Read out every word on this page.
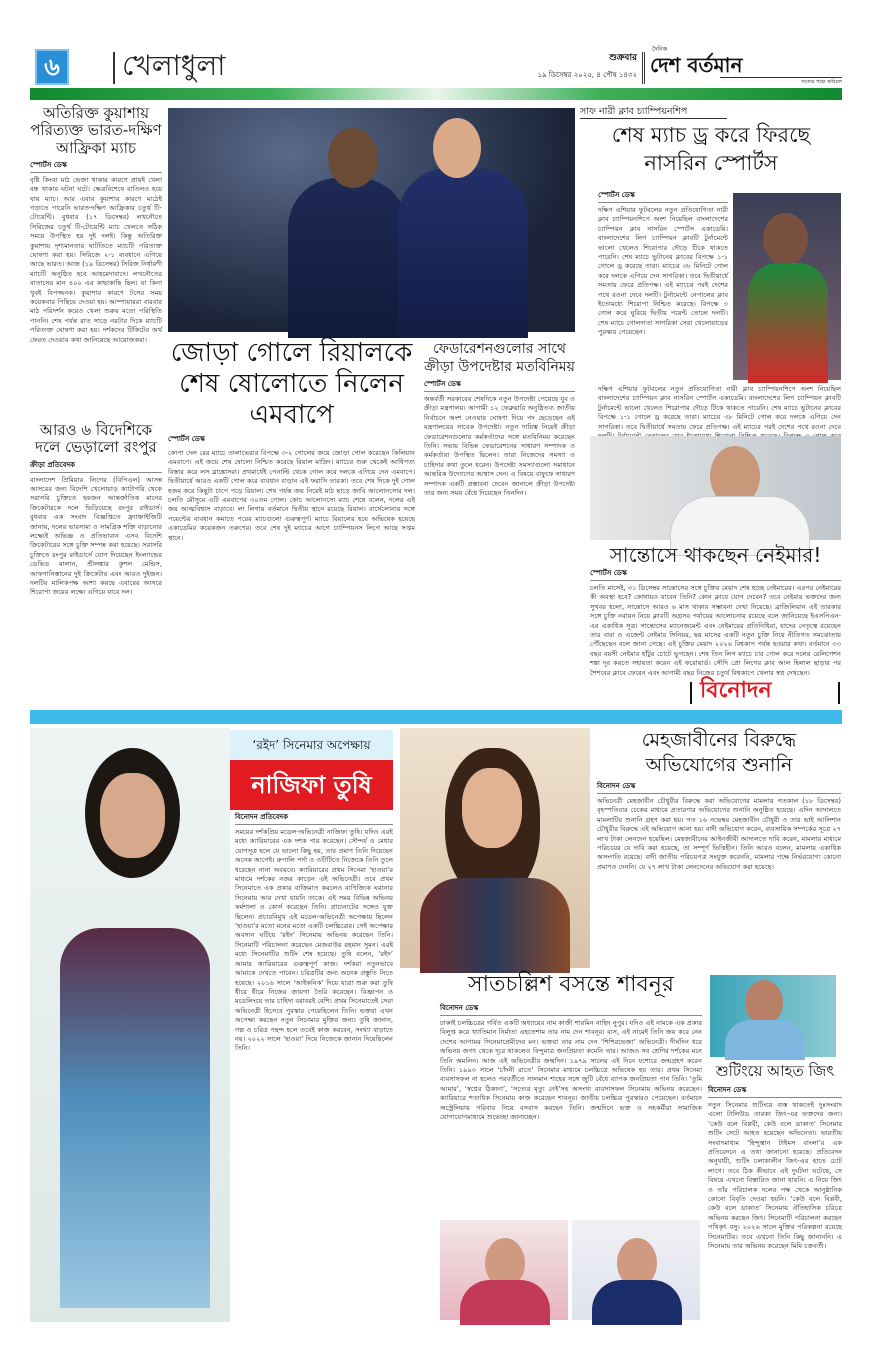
৬	খেলাধুলা	শুক্রবার
১৯ ডিসেম্বর ২০২৫, ৪ পৌষ ১৪৩২
দৈনিক
দেশ বর্তমান
সত্যের পক্ষে অবিচল
অতিরিক্ত কুয়াশায় পরিত্যক্ত ভারত-দক্ষিণ আফ্রিকা ম্যাচ
স্পোর্টস ডেস্ক
বৃষ্টি কিংবা মাঠ ভেজা থাকার কারণে প্রায়ই খেলা বন্ধ থাকার ঘটনা ঘটে। ক্ষেত্রবিশেষে বাতিলও হয়ে যায় ম্যাচ। আর এবার কুয়াশার কারণে মাঠেই গড়াতে পারেনি ভারত-দক্ষিণ আফ্রিকার চতুর্থ টি-টোয়েন্টি। বুধবার (১৭ ডিসেম্বর) লখনৌতে সিরিজের চতুর্থ টি-টোয়েন্টি ম্যাচ খেলতে সঠিক সময়ে উপস্থিত হয় দুই দলই। কিন্তু অতিরিক্ত কুয়াশায় দৃশ্যমানতার ঘাটতিতে ম্যাচটি পরিত্যক্ত ঘোষণা করা হয়। সিরিজে ২-১ ব্যবধানে এগিয়ে আছে ভারত। আজ (১৯ ডিসেম্বর) সিরিজ নির্ধারণী ম্যাচটি অনুষ্ঠিত হবে আহমেদাবাদে। লখনৌতের বাতাসের মান ৪০০ এর কাছাকাছি ছিল। যা কিনা খুবই বিপজ্জনক। কুয়াশার কারণে টসের সময় কয়েকবার পিছিয়ে দেওয়া হয়। আম্পায়াররা বারবার মাঠ পরিদর্শন করেও খেলা শুরুর মতো পরিস্থিতি পাননি। শেষ পর্যন্ত রাত সাড়ে নয়টার দিকে ম্যাচটি পরিত্যক্ত ঘোষণা করা হয়। দর্শকদের টিকিটের অর্থ ফেরত দেওয়ার কথা জানিয়েছে আয়োজকরা।
আরও ৬ বিদেশিকে দলে ভেড়ালো রংপুর
ক্রীড়া প্রতিবেদক
বাংলাদেশ প্রিমিয়ার লিগের (বিপিএল) আসন্ন আসরের জন্য বিদেশি খেলোয়াড় ক্যাটাগরি থেকে সরাসরি চুক্তিতে ছয়জন আন্তর্জাতিক মানের ক্রিকেটারকে দলে ভিড়িয়েছে রংপুর রাইডার্স। বুধবার এক সংবাদ বিজ্ঞপ্তিতে ফ্র্যাঞ্চাইজিটি জানায়, দলের ভারসাম্য ও সামগ্রিক শক্তি বাড়ানোর লক্ষ্যেই অভিজ্ঞ ও প্রতিভাবান এসব বিদেশি ক্রিকেটারের সঙ্গে চুক্তি সম্পন্ন করা হয়েছে। সরাসরি চুক্তিতে রংপুর রাইডার্সে যোগ দিয়েছেন ইংল্যান্ডের ডেভিড মালান, শ্রীলঙ্কার কুশল মেন্ডিস, আফগানিস্তানের দুই ক্রিকেটার এবং আরও দুইজন। দলটির মালিকপক্ষ আশা করছে এবারের আসরে শিরোপা জয়ের লক্ষ্যে এগিয়ে যাবে দল।
জোড়া গোলে রিয়ালকে শেষ ষোলোতে নিলেন এমবাপে
স্পোর্টস ডেস্ক
কোপা দেল রের ম্যাচে তালাভেরার বিপক্ষে ৩-২ গোলের জয়ে জোড়া গোল করেছেন কিলিয়ান এমবাপে। এই জয়ে শেষ ষোলো নিশ্চিত করেছে রিয়াল মাদ্রিদ। ম্যাচের শুরু থেকেই আধিপত্য বিস্তার করে লস ব্লাঙ্কোসরা। প্রথমার্ধেই পেনাল্টি থেকে গোল করে দলকে এগিয়ে দেন এমবাপে। দ্বিতীয়ার্ধে আরও একটি গোল করে ব্যবধান বাড়ান এই ফরাসি তারকা। তবে শেষ দিকে দুই গোল হজম করে কিছুটা চাপে পড়ে রিয়াল। শেষ পর্যন্ত জয় নিয়েই মাঠ ছাড়ে জাবি আলোনসোর দল। চলতি মৌসুমে এটি এমবাপের ৩০তম গোল। কোচ আলোনসো ম্যাচ শেষে বলেন, দলের এই জয় আত্মবিশ্বাস বাড়াবে। লা লিগায় বর্তমানে দ্বিতীয় স্থানে রয়েছে রিয়াল। বার্সেলোনার সঙ্গে পয়েন্টের ব্যবধান কমাতে পরের ম্যাচগুলো গুরুত্বপূর্ণ। ম্যাচে রিয়ালের হয়ে অভিষেক হয়েছে একাডেমির কয়েকজন তরুণের। তবে শেষ দুই ম্যাচের আগে চ্যাম্পিয়নস লিগে আছে সপ্তম স্থানে।
ফেডারেশনগুলোর সাথে ক্রীড়া উপদেষ্টার মতবিনিময়
স্পোর্টস ডেস্ক
অন্তর্বর্তী সরকারের শেষদিকে নতুন উপদেষ্টা পেয়েছে যুব ও ক্রীড়া মন্ত্রণালয়। আগামী ১২ ফেব্রুয়ারি অনুষ্ঠিতব্য জাতীয় নির্বাচনে অংশ নেওয়ার ঘোষণা দিয়ে পদ ছেড়েছেন এই মন্ত্রণালয়ের সাবেক উপদেষ্টা। নতুন দায়িত্ব নিয়েই ক্রীড়া ফেডারেশনগুলোর কর্মকর্তাদের সঙ্গে মতবিনিময় করেছেন তিনি। সভায় বিভিন্ন ফেডারেশনের সাধারণ সম্পাদক ও কর্মকর্তারা উপস্থিত ছিলেন। তারা নিজেদের সমস্যা ও চাহিদার কথা তুলে ধরেন। উপদেষ্টা সমস্যাগুলো সমাধানে আন্তরিক উদ্যোগের আশ্বাস দেন। এ বিষয়ে বাফুফে সাধারণ সম্পাদক একটি প্রস্তাবনা দেবেন জানালে ক্রীড়া উপদেষ্টা তার জন্য সময় বেঁধে দিয়েছেন তিনদিন।
সাফ নারী ক্লাব চ্যাম্পিয়নশিপ
শেষ ম্যাচ ড্র করে ফিরছে নাসরিন স্পোর্টস
স্পোর্টস ডেস্ক
দক্ষিণ এশিয়ার ফুটবলের নতুন প্রতিযোগিতা নারী ক্লাব চ্যাম্পিয়নশিপে অংশ নিয়েছিল বাংলাদেশের চ্যাম্পিয়ন ক্লাব নাসরিন স্পোর্টস একাডেমি। বাংলাদেশের লিগ চ্যাম্পিয়ন ক্লাবটি টুর্নামেন্টে ভালো খেলেও শিরোপার দৌড়ে টিকে থাকতে পারেনি। শেষ ম্যাচে ভুটানের ক্লাবের বিপক্ষে ১-১ গোলে ড্র করেছে তারা। ম্যাচের ৩৮ মিনিটে গোল করে দলকে এগিয়ে দেন সাগরিকা। তবে দ্বিতীয়ার্ধে সমতায় ফেরে প্রতিপক্ষ। এই ম্যাচের পরই দেশের পথে রওনা দেবে দলটি। টুর্নামেন্টে নেপালের ক্লাব ইতোমধ্যে শিরোপা নিশ্চিত করেছে। বিপক্ষে ৩ গোল করে ঘুরিয়ে দ্বিতীয় পয়েন্ট তোলে দলটি। শেষ ম্যাচে গোলদাতা সাগরিকা সেরা খেলোয়াড়ের পুরস্কার পেয়েছেন।
দক্ষিণ এশিয়ার ফুটবলের নতুন প্রতিযোগিতা নারী ক্লাব চ্যাম্পিয়নশিপে অংশ নিয়েছিল বাংলাদেশের চ্যাম্পিয়ন ক্লাব নাসরিন স্পোর্টস একাডেমি। বাংলাদেশের লিগ চ্যাম্পিয়ন ক্লাবটি টুর্নামেন্টে ভালো খেলেও শিরোপার দৌড়ে টিকে থাকতে পারেনি। শেষ ম্যাচে ভুটানের ক্লাবের বিপক্ষে ১-১ গোলে ড্র করেছে তারা। ম্যাচের ৩৮ মিনিটে গোল করে দলকে এগিয়ে দেন সাগরিকা। তবে দ্বিতীয়ার্ধে সমতায় ফেরে প্রতিপক্ষ। এই ম্যাচের পরই দেশের পথে রওনা দেবে
সান্তোসে থাকছেন নেইমার!
স্পোর্টস ডেস্ক
চলতি মাসেই, ৩১ ডিসেম্বর সান্তোসের সঙ্গে চুক্তির মেয়াদ শেষ হচ্ছে নেইমারের। এরপর নেইমারের কী অবস্থা হবে? কোথায়ও যাবেন তিনি? কোন ক্লাবে যোগ দেবেন? তবে নেইমার ভক্তদের জন্য সুখবর হলো, সান্তোসে আরও ৬ মাস থাকার সম্ভাবনা দেখা দিয়েছে। ব্রাজিলিয়ান এই তারকার সঙ্গে চুক্তি নবায়ন নিয়ে ক্লাবটি অগ্রসর পর্যায়ের আলোচনায় রয়েছে বলে জানিয়েছে ইএসপিএন-এর একাধিক সূত্র। সান্তোসের ম্যানেজমেন্ট এবং নেইমারের প্রতিনিধিরা, যাদের নেতৃত্বে রয়েছেন তার বাবা ও এজেন্ট নেইমার সিনিয়র, ছয় মাসের একটি নতুন চুক্তি নিয়ে নীতিগত সমঝোতায় পৌঁছেছেন বলে জানা গেছে। এই চুক্তির মেয়াদ ২০২৬ বিশ্বকাপ পর্যন্ত হওয়ার কথা। বর্তমানে ৩৩ বছর বয়সী নেইমার হাঁটুর চোটে ভুগছেন। শেষ তিন লিগ ম্যাচে চার গোল করে দলের রেলিগেশন শঙ্কা দূর করতে সহায়তা করেন এই ফরোয়ার্ড। সৌদি প্রো লিগের ক্লাব আল হিলাল ছাড়ার পর শৈশবের ক্লাবে ফেরেন এবং আগামী বছর নিজের চতুর্থ বিশ্বকাপে খেলার স্বপ্ন দেখছেন।
বিনোদন
‘রইদ’ সিনেমার অপেক্ষায়
নাজিফা তুষি
বিনোদন প্রতিবেদক
সময়ের দর্শকপ্রিয় মডেল-অভিনেত্রী নাজিফা তুষি। যদিও এরই মধ্যে ক্যারিয়ারের এক দশক পার করেছেন। সৌন্দর্য ও মেধার যোগসূত্র হলে যে ভালো কিছু হয়, তার প্রমাণ তিনি দিয়েছেন অনেক আগেই। রুপালি পর্দা ও ওটিটিতে নিজেকে তিনি তুলে ধরেছেন নানা অবয়বে। ক্যারিয়ারের প্রথম সিনেমা ‘হাওয়া’র মাধ্যমে দর্শকের নজর কাড়েন এই অভিনেত্রী। তবে প্রথম সিনেমাতে এক প্রকার বাজিমাত করলেও বাণিজ্যিক ঘরানার সিনেমায় আর দেখা যায়নি তাকে। এই সময় বিভিন্ন অভিনয় কর্মশালা ও কোর্স করেছেন তিনি। প্রাচ্যনাটের সঙ্গেও যুক্ত ছিলেন। প্রচারবিমুখ এই মডেল-অভিনেত্রী অপেক্ষায় ছিলেন ‘হাওয়া’র মতো মনের মতো একটি চলচ্চিত্রের। সেই অপেক্ষার অবসান ঘটিয়ে ‘রইদ’ সিনেমায় অভিনয় করেছেন তিনি। সিনেমাটি পরিচালনা করেছেন মেজবাউর রহমান সুমন। এরই মধ্যে সিনেমাটির শুটিং শেষ হয়েছে। তুষি বলেন, ‘রইদ’ আমার ক্যারিয়ারের গুরুত্বপূর্ণ কাজ। দর্শকরা নতুনভাবে আমাকে দেখতে পাবেন। চরিত্রটির জন্য অনেক প্রস্তুতি নিতে হয়েছে। ২০১৬ সালে ‘আইকনিক’ দিয়ে যাত্রা শুরু করা তুষি ধীরে ধীরে নিজের জায়গা তৈরি করেছেন। বিজ্ঞাপন ও মডেলিংয়ে তার চাহিদা বরাবরই বেশি। প্রথম সিনেমাতেই সেরা অভিনেত্রী হিসেবে পুরস্কার পেয়েছিলেন তিনি। ভক্তরা এখন অপেক্ষা করছেন নতুন সিনেমার মুক্তির জন্য। তুষি জানান, গল্প ও চরিত্র পছন্দ হলে তবেই কাজ করবেন, সংখ্যা বাড়াতে নয়। ২০২২ সালে ‘হাওয়া’ দিয়ে নিজেকে জানান দিয়েছিলেন তিনি।
মেহজাবীনের বিরুদ্ধে অভিযোগের শুনানি
বিনোদন ডেস্ক
অভিনেত্রী মেহজাবীন চৌধুরীর বিরুদ্ধে করা অভিযোগের মামলায় গতকাল (১৮ ডিসেম্বর) বৃহস্পতিবার চেকের মাধ্যমে প্রতারণার অভিযোগের শুনানি অনুষ্ঠিত হয়েছে। এদিন আদালতে মামলাটির শুনানি গ্রহণ করা হয়। গত ১৬ নভেম্বর মেহজাবীন চৌধুরী ও তার ভাই আলিশান চৌধুরীর বিরুদ্ধে এই অভিযোগ আনা হয়। বাদী অভিযোগ করেন, ব্যবসায়িক সম্পর্কের সূত্রে ২৭ লাখ টাকা লেনদেন হয়েছিল। মেহজাবীনের আইনজীবী আদালতে দাবি করেন, মামলার মাধ্যমে পরিচয়ের যে দাবি করা হয়েছে, তা সম্পূর্ণ ভিত্তিহীন। তিনি আরও বলেন, মামলায় একাধিক অসংগতি রয়েছে। বাদী জাতীয় পরিচয়পত্র সংযুক্ত করেননি, মামলার পক্ষে নির্ভরযোগ্য কোনো প্রমাণও দেননি। যে ২৭ লাখ টাকা লেনদেনের অভিযোগ করা হয়েছে।
সাতচল্লিশ বসন্তে শাবনূর
বিনোদন ডেস্ক
ঢাকাই চলচ্চিত্রের গর্বিত একটি অধ্যায়ের নাম কাজী শারমিন নাহিদ নুপুর। যদিও এই নামকে এক প্রকার বিলুপ্ত করে খ্যাতিমান নির্মাতা এহতেশাম তার নাম দেন শাবনূর। ব্যস, এই নামেই তিনি জয় করে নেন দেশের আপামর সিনেমাপ্রেমীদের মন। ভক্তরা তার নাম দেন ‘শিশিরভেজা’ অভিনেত্রী। দীর্ঘদিন ধরে অভিনয় জগৎ থেকে দূরে থাকলেও বিন্দুমাত্র জনপ্রিয়তা কমেনি তার। আজও সব শ্রেণির দর্শকের মনে তিনি অমলিন। আজ এই অভিনেত্রীর জন্মদিন। ১৯৭৯ সালের এই দিনে যশোরে জন্মগ্রহণ করেন তিনি। ১৯৯৩ সালে ‘চাঁদনী রাতে’ সিনেমার মাধ্যমে চলচ্চিত্রে অভিষেক হয় তার। প্রথম সিনেমা ব্যবসাসফল না হলেও পরবর্তীতে সালমান শাহের সঙ্গে জুটি বেঁধে ব্যাপক জনপ্রিয়তা পান তিনি। ‘তুমি আমার’, ‘স্বপ্নের ঠিকানা’, ‘সত্যের মৃত্যু নেই’সহ অসংখ্য ব্যবসাসফল সিনেমায় অভিনয় করেছেন। ক্যারিয়ারে শতাধিক সিনেমায় কাজ করেছেন শাবনূর। জাতীয় চলচ্চিত্র পুরস্কারও পেয়েছেন। বর্তমানে অস্ট্রেলিয়ায় পরিবার নিয়ে বসবাস করছেন তিনি। জন্মদিনে ভক্ত ও সহকর্মীরা সামাজিক যোগাযোগমাধ্যমে শুভেচ্ছা জানাচ্ছেন।
শুটিংয়ে আহত জিৎ
বিনোদন ডেস্ক
নতুন সিনেমার শুটিংয়ে ব্যস্ত থাকতেই দুঃসংবাদ এলো টালিউড তারকা জিৎ-এর ভক্তদের জন্য। ‘কেউ বলে বিপ্লবী, কেউ বলে ডাকাত’ সিনেমার শুটিং সেটে আহত হয়েছেন অভিনেতা। ভারতীয় সংবাদমাধ্যম ‘হিন্দুস্তান টাইমস বাংলা’র এক প্রতিবেদনে এ তথ্য জানানো হয়েছে। প্রতিবেদন অনুযায়ী, শুটিং চলাকালীন জিৎ-এর হাতে চোট লাগে। তবে ঠিক কীভাবে এই দুর্ঘটনা ঘটেছে, সে বিষয়ে এখনো বিস্তারিত জানা যায়নি। এ নিয়ে জিৎ ও তাঁর পরিচালক দলের পক্ষ থেকে আনুষ্ঠানিক কোনো বিবৃতি দেওয়া হয়নি। ‘কেউ বলে বিপ্লবী, কেউ বলে ডাকাত’ সিনেমায় ঐতিহাসিক চরিত্রে অভিনয় করছেন জিৎ। সিনেমাটি পরিচালনা করছেন পথিকৃৎ বসু। ২০২৬ সালে মুক্তির পরিকল্পনা রয়েছে সিনেমাটির। তবে এখনো তিনি কিছু জানাননি। এ সিনেমায় তার অভিনয় করেছেন মিমি চক্রবর্তী।
